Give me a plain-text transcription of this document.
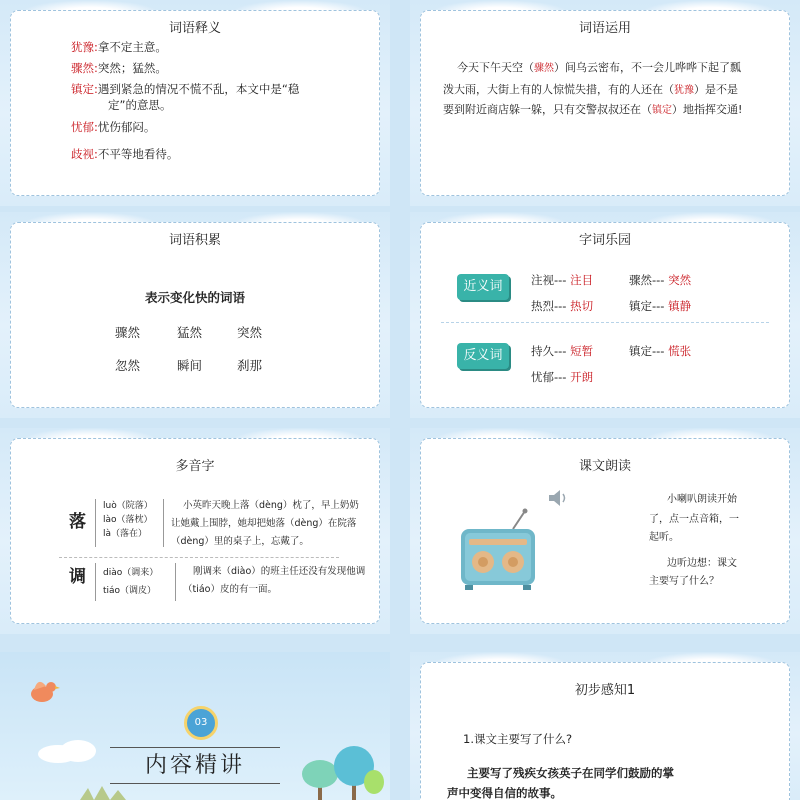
词语释义
犹豫:拿不定主意。
骤然:突然；猛然。
镇定:遇到紧急的情况不慌不乱，本文中是“稳
定”的意思。
忧郁:忧伤郁闷。
歧视:不平等地看待。
词语运用
今天下午天空（骤然）间乌云密布，不一会儿哗哗下起了瓢
泼大雨，大街上有的人惊慌失措，有的人还在（犹豫）是不是
要到附近商店躲一躲，只有交警叔叔还在（镇定）地指挥交通!
词语积累
表示变化快的词语
骤然	猛然	突然
忽然	瞬间	刹那
字词乐园
近义词	注视--- 注目	骤然--- 突然
热烈--- 热切	镇定--- 镇静
反义词	持久--- 短暂	镇定--- 慌张
忧郁--- 开朗
多音字
落
luò（院落）
lào（落枕）
là（落在）
小英昨天晚上落（dèng）枕了，早上奶奶
让她戴上围脖，她却把她落（dèng）在院落
（dèng）里的桌子上，忘戴了。
调 diào（调来）
tiáo（调皮）
刚调来（diào）的班主任还没有发现他调
（tiáo）皮的有一面。
课文朗读
小喇叭朗读开始
了，点一点音箱，一
起听。
边听边想：课文
主要写了什么？
03
内容精讲
初步感知1
1.课文主要写了什么?
主要写了残疾女孩英子在同学们鼓励的掌
声中变得自信的故事。
